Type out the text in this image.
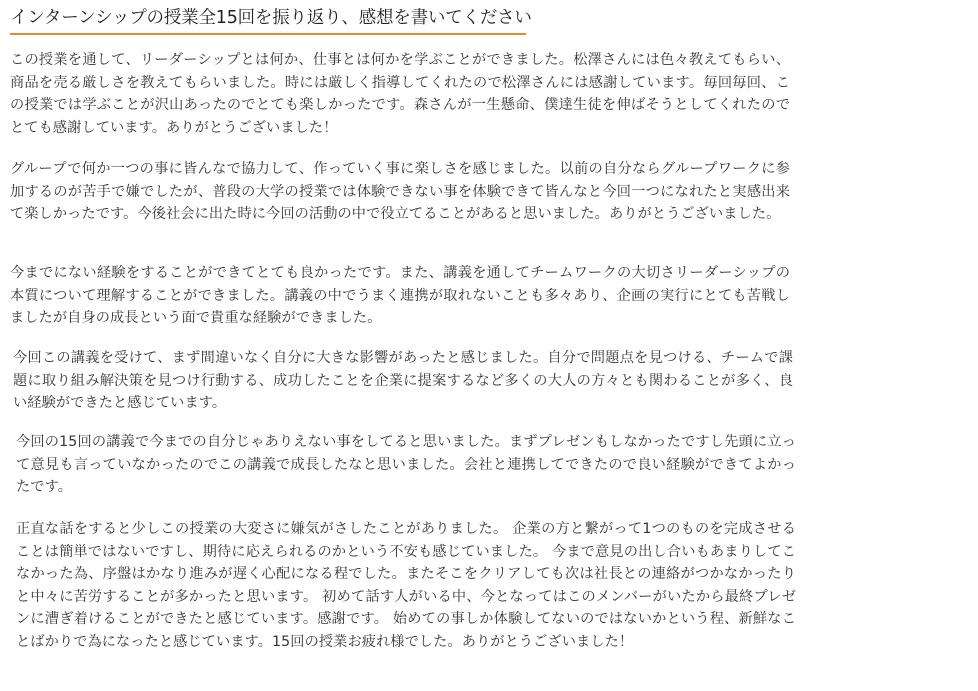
インターンシップの授業全15回を振り返り、感想を書いてください

この授業を通して、リーダーシップとは何か、仕事とは何かを学ぶことができました。松澤さんには色々教えてもらい、商品を売る厳しさを教えてもらいました。時には厳しく指導してくれたので松澤さんには感謝しています。毎回毎回、この授業では学ぶことが沢山あったのでとても楽しかったです。森さんが一生懸命、僕達生徒を伸ばそうとしてくれたのでとても感謝しています。ありがとうございました！

グループで何か一つの事に皆んなで協力して、作っていく事に楽しさを感じました。以前の自分ならグループワークに参加するのが苦手で嫌でしたが、普段の大学の授業では体験できない事を体験できて皆んなと今回一つになれたと実感出来て楽しかったです。今後社会に出た時に今回の活動の中で役立てることがあると思いました。ありがとうございました。

今までにない経験をすることができてとても良かったです。また、講義を通してチームワークの大切さリーダーシップの本質について理解することができました。講義の中でうまく連携が取れないことも多々あり、企画の実行にとても苦戦しましたが自身の成長という面で貴重な経験ができました。

今回この講義を受けて、まず間違いなく自分に大きな影響があったと感じました。自分で問題点を見つける、チームで課題に取り組み解決策を見つけ行動する、成功したことを企業に提案するなど多くの大人の方々とも関わることが多く、良い経験ができたと感じています。

今回の15回の講義で今までの自分じゃありえない事をしてると思いました。まずプレゼンもしなかったですし先頭に立って意見も言っていなかったのでこの講義で成長したなと思いました。会社と連携してできたので良い経験ができてよかったです。

正直な話をすると少しこの授業の大変さに嫌気がさしたことがありました。 企業の方と繋がって1つのものを完成させることは簡単ではないですし、期待に応えられるのかという不安も感じていました。 今まで意見の出し合いもあまりしてこなかった為、序盤はかなり進みが遅く心配になる程でした。またそこをクリアしても次は社長との連絡がつかなかったりと中々に苦労することが多かったと思います。 初めて話す人がいる中、今となってはこのメンバーがいたから最終プレゼンに漕ぎ着けることができたと感じています。感謝です。 始めての事しか体験してないのではないかという程、新鮮なことばかりで為になったと感じています。15回の授業お疲れ様でした。ありがとうございました！
